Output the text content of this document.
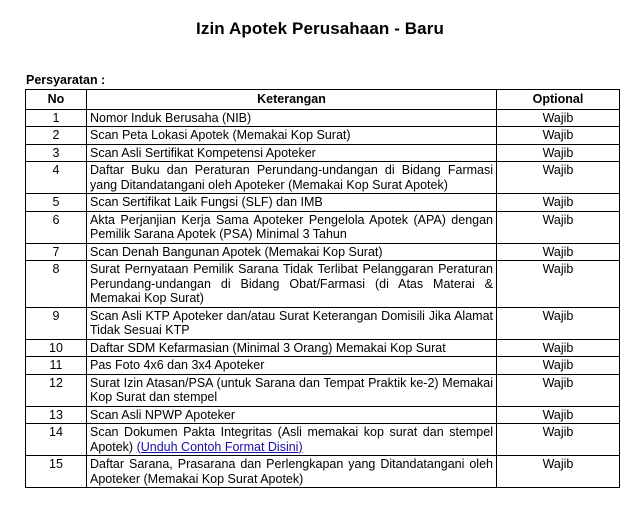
Izin Apotek Perusahaan - Baru
Persyaratan :
No	Keterangan	Optional
1	Nomor Induk Berusaha (NIB)	Wajib
2	Scan Peta Lokasi Apotek (Memakai Kop Surat)	Wajib
3	Scan Asli Sertifikat Kompetensi Apoteker	Wajib
4	Daftar Buku dan Peraturan Perundang-undangan di Bidang Farmasi yang Ditandatangani oleh Apoteker (Memakai Kop Surat Apotek)	Wajib
5	Scan Sertifikat Laik Fungsi (SLF) dan IMB	Wajib
6	Akta Perjanjian Kerja Sama Apoteker Pengelola Apotek (APA) dengan Pemilik Sarana Apotek (PSA) Minimal 3 Tahun	Wajib
7	Scan Denah Bangunan Apotek (Memakai Kop Surat)	Wajib
8	Surat Pernyataan Pemilik Sarana Tidak Terlibat Pelanggaran Peraturan Perundang-undangan di Bidang Obat/Farmasi (di Atas Materai & Memakai Kop Surat)	Wajib
9	Scan Asli KTP Apoteker dan/atau Surat Keterangan Domisili Jika Alamat Tidak Sesuai KTP	Wajib
10	Daftar SDM Kefarmasian (Minimal 3 Orang) Memakai Kop Surat	Wajib
11	Pas Foto 4x6 dan 3x4 Apoteker	Wajib
12	Surat Izin Atasan/PSA (untuk Sarana dan Tempat Praktik ke-2) Memakai Kop Surat dan stempel	Wajib
13	Scan Asli NPWP Apoteker	Wajib
14	Scan Dokumen Pakta Integritas (Asli memakai kop surat dan stempel Apotek) (Unduh Contoh Format Disini)	Wajib
15	Daftar Sarana, Prasarana dan Perlengkapan yang Ditandatangani oleh Apoteker (Memakai Kop Surat Apotek)	Wajib
